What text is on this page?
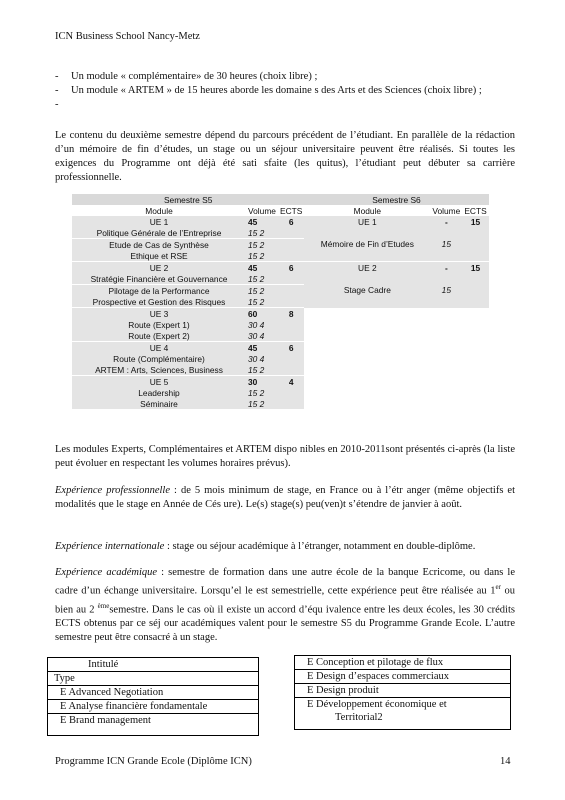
ICN Business School Nancy-Metz
- Un module « complémentaire» de 30 heures (choix libre) ;
- Un module « ARTEM » de 15 heures aborde les domaine s des Arts et des Sciences (choix libre) ;
-
Le contenu du deuxième semestre dépend du parcours précédent de l’étudiant. En parallèle de la rédaction d’un mémoire de fin d’études, un stage ou un séjour universitaire peuvent être réalisés. Si toutes les exigences du Programme ont déjà été sati sfaite (les quitus), l’étudiant peut débuter sa carrière professionnelle.
Semestre S5			Semestre S6		
Module	Volume	ECTS	Module	Volume	ECTS
UE 1	45	6	UE 1	-	15
Politique Générale de l’Entreprise	15 2		Mémoire de Fin d’Etudes	15	
Etude de Cas de Synthèse	15 2				
Ethique et RSE	15 2				
UE 2	45	6	UE 2	-	15
Stratégie Financière et Gouvernance	15 2		Stage Cadre	15	
Pilotage de la Performance	15 2				
Prospective et Gestion des Risques	15 2				
UE 3	60	8			
Route (Expert 1)	30 4				
Route (Expert 2)	30 4				
UE 4	45	6			
Route (Complémentaire)	30 4				
ARTEM : Arts, Sciences, Business	15 2				
UE 5	30	4			
Leadership	15 2				
Séminaire	15 2				
Les modules Experts, Complémentaires et ARTEM dispo nibles en 2010-2011sont présentés ci-après (la liste peut évoluer en respectant les volumes horaires prévus).
Expérience professionnelle : de 5 mois minimum de stage, en France ou à l’étr anger (même objectifs et modalités que le stage en Année de Cés ure). Le(s) stage(s) peu(ven)t s’étendre de janvier à août.
Expérience internationale : stage ou séjour académique à l’étranger, notamment en double-diplôme.
Expérience académique : semestre de formation dans une autre école de la banque Ecricome, ou dans le cadre d’un échange universitaire. Lorsqu’el le est semestrielle, cette expérience peut être réalisée au 1er ou bien au 2 $^{ème}$semestre. Dans le cas où il existe un accord d’équ ivalence entre les deux écoles, les 30 crédits ECTS obtenus par ce séj our académiques valent pour le semestre S5 du Programme Grande Ecole. L’autre semestre peut être consacré à un stage.
Intitulé
Type
E Advanced Negotiation
E Analyse financière fondamentale
E Brand management
E Conception et pilotage de flux
E Design d’espaces commerciaux
E Design produit
E Développement économique et
Territorial2
Programme ICN Grande Ecole (Diplôme ICN)	14
